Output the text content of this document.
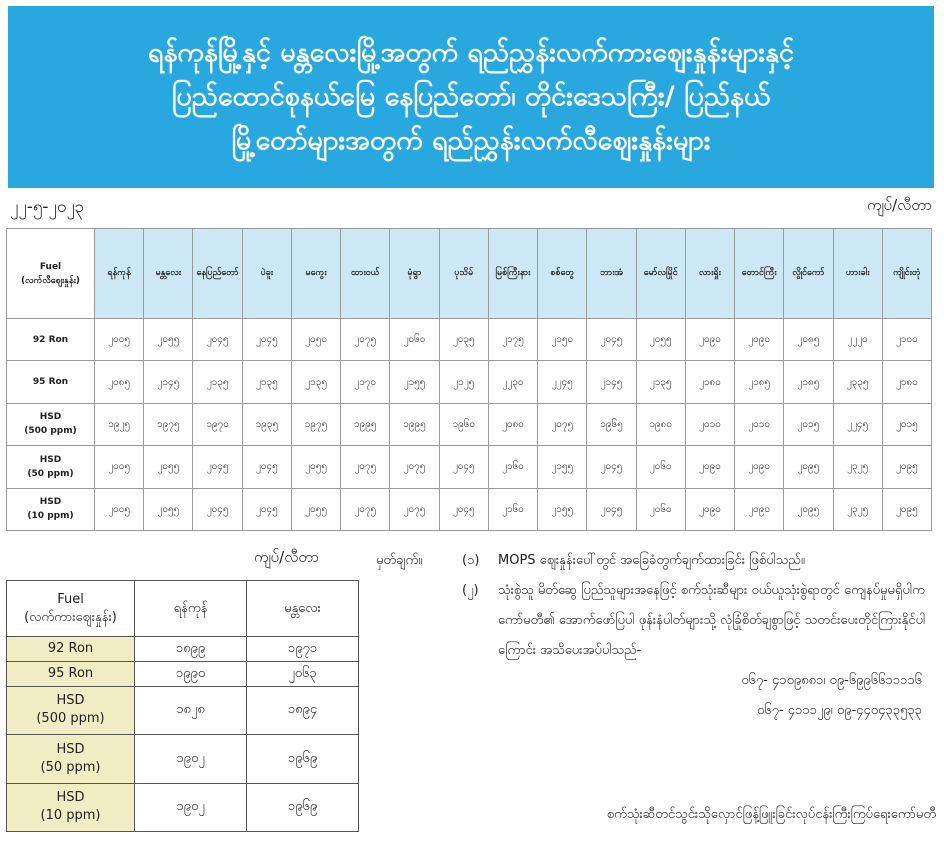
ရန်ကုန်မြို့နှင့် မန္တလေးမြို့အတွက် ရည်ညွှန်းလက်ကားဈေးနှုန်းများနှင့်
ပြည်ထောင်စုနယ်မြေ နေပြည်တော်၊ တိုင်းဒေသကြီး/ ပြည်နယ်
မြို့တော်များအတွက် ရည်ညွှန်းလက်လီဈေးနှုန်းများ
၂၂-၅-၂၀၂၃	ကျပ်/လီတာ
Fuel
(လက်လီဈေးနှုန်း)	ရန်ကုန်	မန္တလေး	နေပြည်တော်	ပဲခူး	မကွေး	ထားဝယ်	မုံရွာ	ပုသိမ်	မြစ်ကြီးနား	စစ်တွေ	ဘားအံ	မော်လမြိုင်	လားရှိုး	တောင်ကြီး	လွိုင်ကော်	ဟားခါး	ကျိုင်းတုံ

92 Ron	၂၀၀၅	၂၀၅၅	၂၀၄၅	၂၀၄၅	၂၀၅၀	၂၀၇၅	၂၀၆၀	၂၀၃၅	၂၁၇၅	၂၁၅၀	၂၀၄၅	၂၀၅၅	၂၀၉၀	၂၀၉၀	၂၀၈၅	၂၂၂၀	၂၁၀၀

95 Ron	၂၀၈၅	၂၁၄၅	၂၁၃၅	၂၁၃၅	၂၁၃၅	၂၁၇၀	၂၁၅၅	၂၁၂၅	၂၂၃၀	၂၂၄၅	၂၁၄၅	၂၁၃၅	၂၁၈၀	၂၁၈၅	၂၁၈၅	၂၃၃၅	၂၁၈၀

HSD
(500 ppm)	၁၉၂၅	၁၉၇၅	၁၉၇၀	၁၉၃၅	၁၉၇၅	၁၉၉၅	၁၉၉၅	၁၉၆၀	၂၀၈၀	၂၀၇၅	၁၉၆၅	၁၉၈၀	၂၀၁၀	၂၀၁၀	၂၀၁၅	၂၂၄၅	၂၀၁၅

HSD
(50 ppm)	၂၀၀၅	၂၀၅၅	၂၀၄၅	၂၀၄၅	၂၀၅၅	၂၀၇၅	၂၀၇၅	၂၀၄၅	၂၁၆၀	၂၁၅၅	၂၀၄၅	၂၀၆၀	၂၀၉၀	၂၀၉၀	၂၀၉၅	၂၃၂၅	၂၀၉၅

HSD
(10 ppm)	၂၀၀၅	၂၀၅၅	၂၀၄၅	၂၀၄၅	၂၀၅၅	၂၀၇၅	၂၀၇၅	၂၀၄၅	၂၁၆၀	၂၁၅၅	၂၀၄၅	၂၀၆၀	၂၀၉၀	၂၀၉၀	၂၀၉၅	၂၃၂၅	၂၀၉၅
ကျပ်/လီတာ
Fuel
(လက်ကားဈေးနှုန်း)	ရန်ကုန်	မန္တလေး

92 Ron	၁၈၉၉	၁၉၇၁

95 Ron	၁၉၉၀	၂၀၆၃

HSD
(500 ppm)	၁၈၂၈	၁၈၉၄

HSD
(50 ppm)	၁၉၀၂	၁၉၆၉

HSD
(10 ppm)	၁၉၀၂	၁၉၆၉
မှတ်ချက်။	(၁)	MOPS ဈေးနှုန်းပေါ်တွင် အခြေခံတွက်ချက်ထားခြင်း ဖြစ်ပါသည်။
(၂)	သုံးစွဲသူ မိတ်ဆွေ ပြည်သူများအနေဖြင့် စက်သုံးဆီများ ဝယ်ယူသုံးစွဲရာတွင် ကျေနပ်မှုမရှိပါက ကော်မတီ၏ အောက်ဖော်ပြပါ ဖုန်းနံပါတ်များသို့ လုံခြုံစိတ်ချစွာဖြင့် သတင်းပေးတိုင်ကြားနိုင်ပါကြောင်း အသိပေးအပ်ပါသည်-
၀၆၇- ၄၁၀၉၈၈၁၊ ၀၉-၆၉၉၆၆၁၁၁၁၆
၀၆၇- ၄၁၁၁၂၉၊ ၀၉-၄၄၀၄၃၃၅၃၃
စက်သုံးဆီတင်သွင်းသိုလှောင်ဖြန့်ဖြူးခြင်းလုပ်ငန်းကြီးကြပ်ရေးကော်မတီ
